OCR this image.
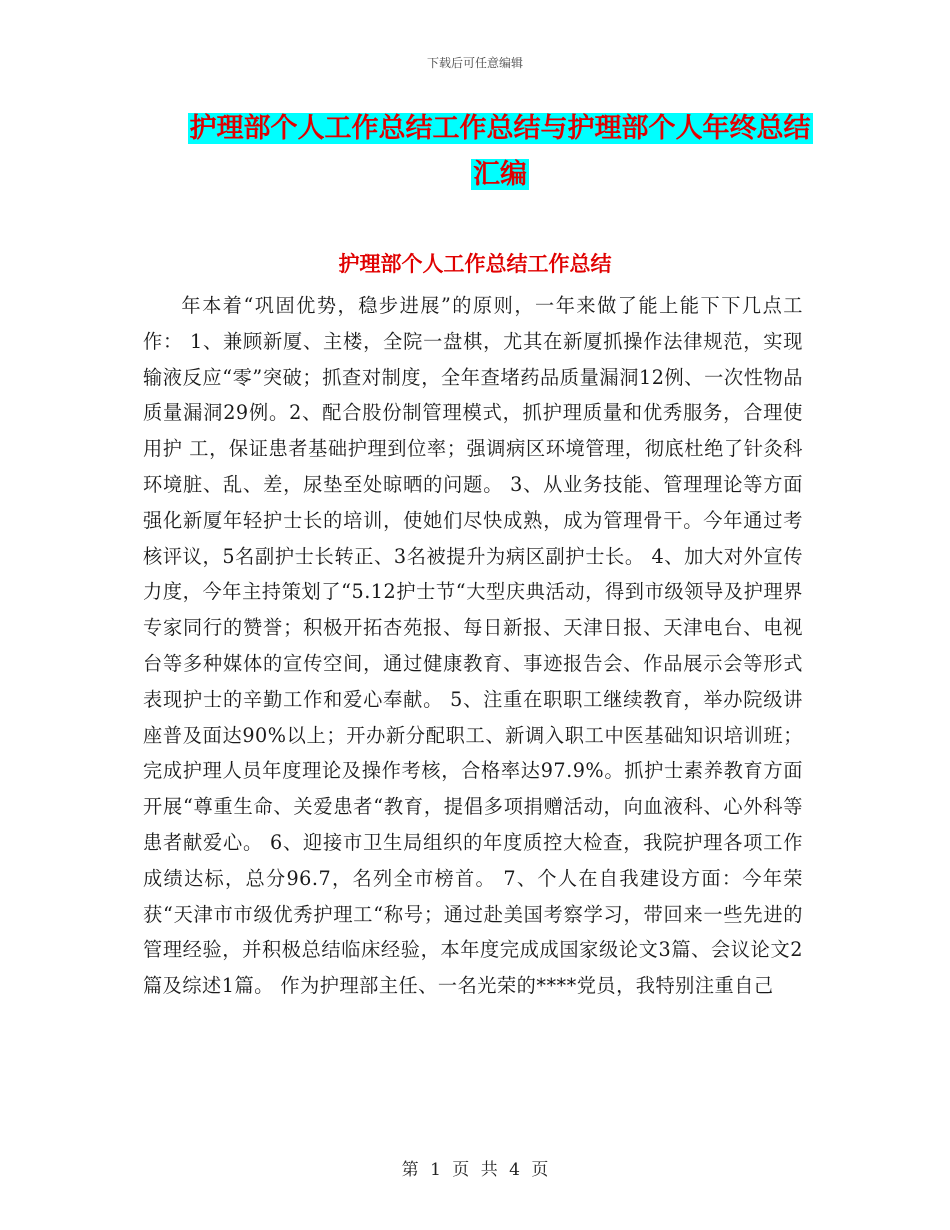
下载后可任意编辑
护理部个人工作总结工作总结与护理部个人年终总结
汇编
护理部个人工作总结工作总结

年本着“巩固优势，稳步进展”的原则，一年来做了能上能下下几点工作： 1、兼顾新厦、主楼，全院一盘棋，尤其在新厦抓操作法律规范，实现输液反应“零”突破；抓查对制度，全年查堵药品质量漏洞12例、一次性物品质量漏洞29例。2、配合股份制管理模式，抓护理质量和优秀服务，合理使用护 工，保证患者基础护理到位率；强调病区环境管理，彻底杜绝了针灸科环境脏、乱、差，尿垫至处晾晒的问题。 3、从业务技能、管理理论等方面强化新厦年轻护士长的培训，使她们尽快成熟，成为管理骨干。今年通过考核评议，5名副护士长转正、3名被提升为病区副护士长。 4、加大对外宣传力度，今年主持策划了“5.12护士节“大型庆典活动，得到市级领导及护理界专家同行的赞誉；积极开拓杏苑报、每日新报、天津日报、天津电台、电视台等多种媒体的宣传空间，通过健康教育、事迹报告会、作品展示会等形式表现护士的辛勤工作和爱心奉献。 5、注重在职职工继续教育，举办院级讲座普及面达90%以上；开办新分配职工、新调入职工中医基础知识培训班；完成护理人员年度理论及操作考核，合格率达97.9%。抓护士素养教育方面开展“尊重生命、关爱患者“教育，提倡多项捐赠活动，向血液科、心外科等患者献爱心。 6、迎接市卫生局组织的年度质控大检查，我院护理各项工作成绩达标，总分96.7，名列全市榜首。 7、个人在自我建设方面：今年荣获“天津市市级优秀护理工“称号；通过赴美国考察学习，带回来一些先进的管理经验，并积极总结临床经验，本年度完成成国家级论文3篇、会议论文2篇及综述1篇。 作为护理部主任、一名光荣的****党员，我特别注重自己

第 1 页 共 4 页
